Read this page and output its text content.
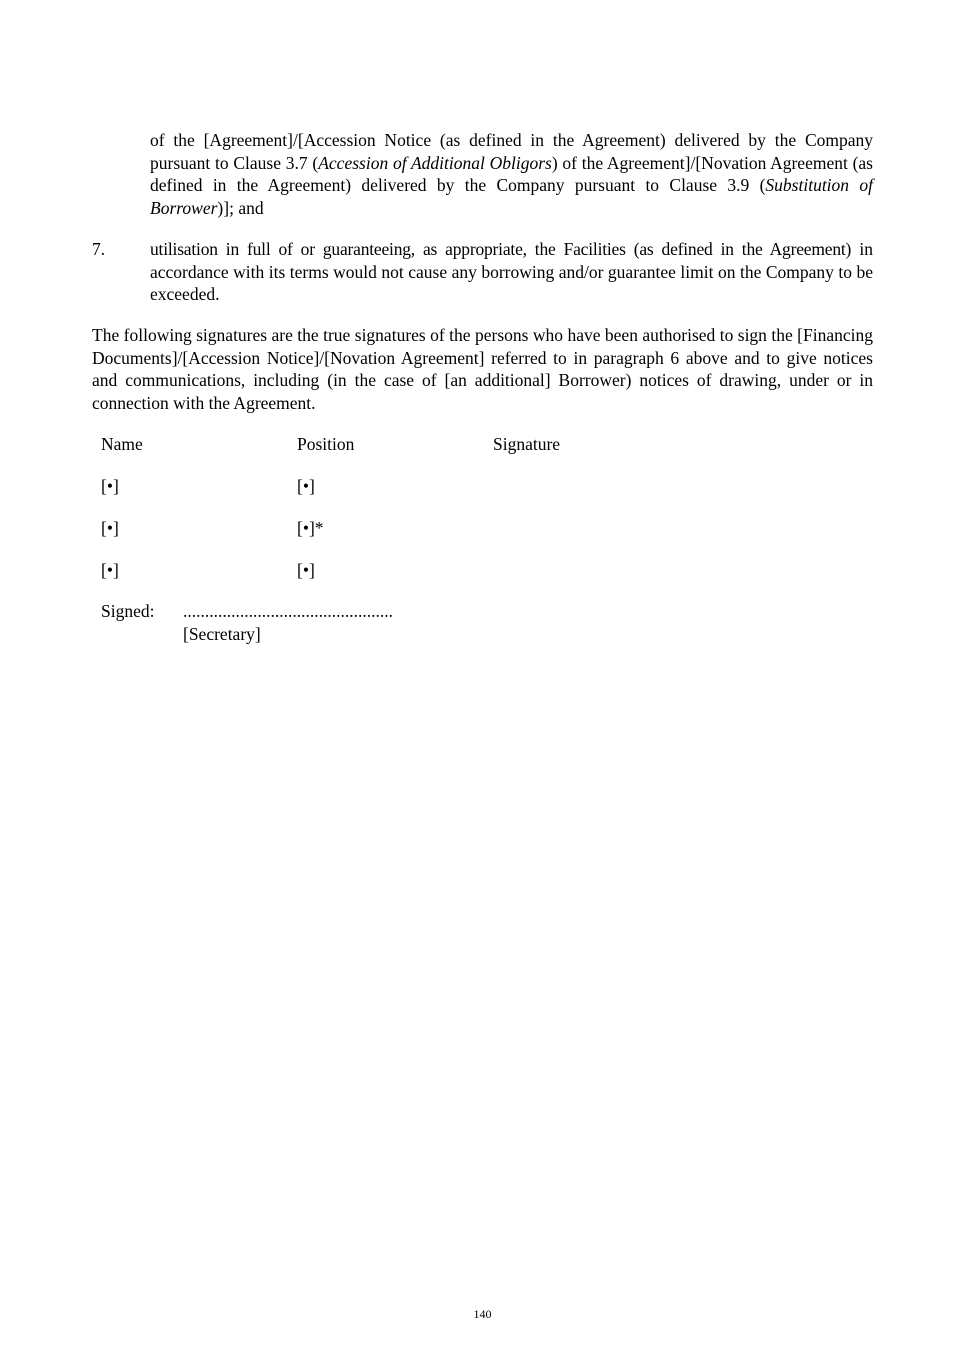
of the [Agreement]/[Accession Notice (as defined in the Agreement) delivered by the Company pursuant to Clause 3.7 (Accession of Additional Obligors) of the Agreement]/[Novation Agreement (as defined in the Agreement) delivered by the Company pursuant to Clause 3.9 (Substitution of Borrower)]; and

7.	utilisation in full of or guaranteeing, as appropriate, the Facilities (as defined in the Agreement) in accordance with its terms would not cause any borrowing and/or guarantee limit on the Company to be exceeded.

The following signatures are the true signatures of the persons who have been authorised to sign the [Financing Documents]/[Accession Notice]/[Novation Agreement] referred to in paragraph 6 above and to give notices and communications, including (in the case of [an additional] Borrower) notices of drawing, under or in connection with the Agreement.

Name	Position	Signature
[•]	[•]
[•]	[•]*
[•]	[•]
Signed: ................................................
[Secretary]
140
